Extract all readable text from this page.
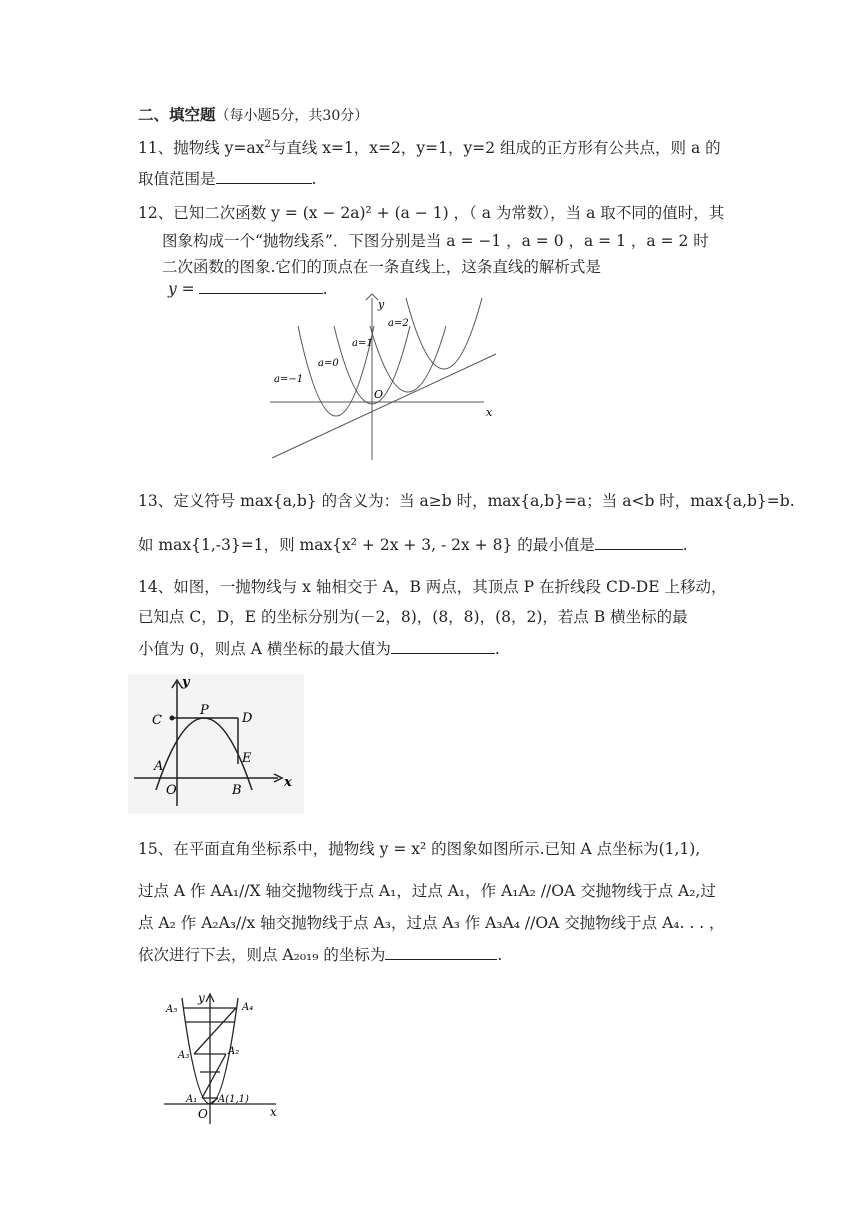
二、填空题（每小题5分，共30分）
11、抛物线 $y=ax^2$与直线 x=1，x=2，y=1，y=2 组成的正方形有公共点，则 a 的
取值范围是	.
12、已知二次函数 y = (x − 2a)² + (a − 1) ，（ a 为常数），当 a 取不同的值时，其
图象构成一个“抛物线系”．下图分别是当 a = −1 ，a = 0 ，a = 1 ，a = 2 时
二次函数的图象.它们的顶点在一条直线上，这条直线的解析式是
y =	.
y
x
O
a=−1
a=0
a=1
a=2
13、定义符号 max{a,b} 的含义为：当 a≥b 时，max{a,b}=a；当 a<b 时，max{a,b}=b.
如 max{1,-3}=1，则 max{x² + 2x + 3, - 2x + 8} 的最小值是	.
14、如图，一抛物线与 x 轴相交于 A，B 两点，其顶点 P 在折线段 CD-DE 上移动，
已知点 C，D，E 的坐标分别为(－2，8)，(8，8)，(8，2)，若点 B 横坐标的最
小值为 0，则点 A 横坐标的最大值为	.
y
x
C
P
D
E
A
O	B
15、在平面直角坐标系中，抛物线 y = x² 的图象如图所示.已知 A 点坐标为(1,1),
过点 A 作 AA₁//X 轴交抛物线于点 A₁，过点 A₁，作 A₁A₂ //OA 交抛物线于点 A₂,过
点 A₂ 作 A₂A₃//x 轴交抛物线于点 A₃，过点 A₃ 作 A₃A₄ //OA 交抛物线于点 A₄. . . ，
依次进行下去，则点 A₂₀₁₉ 的坐标为	.
y
x
O
A(1,1)
A₁
A₂
A₃
A₄
A₅
